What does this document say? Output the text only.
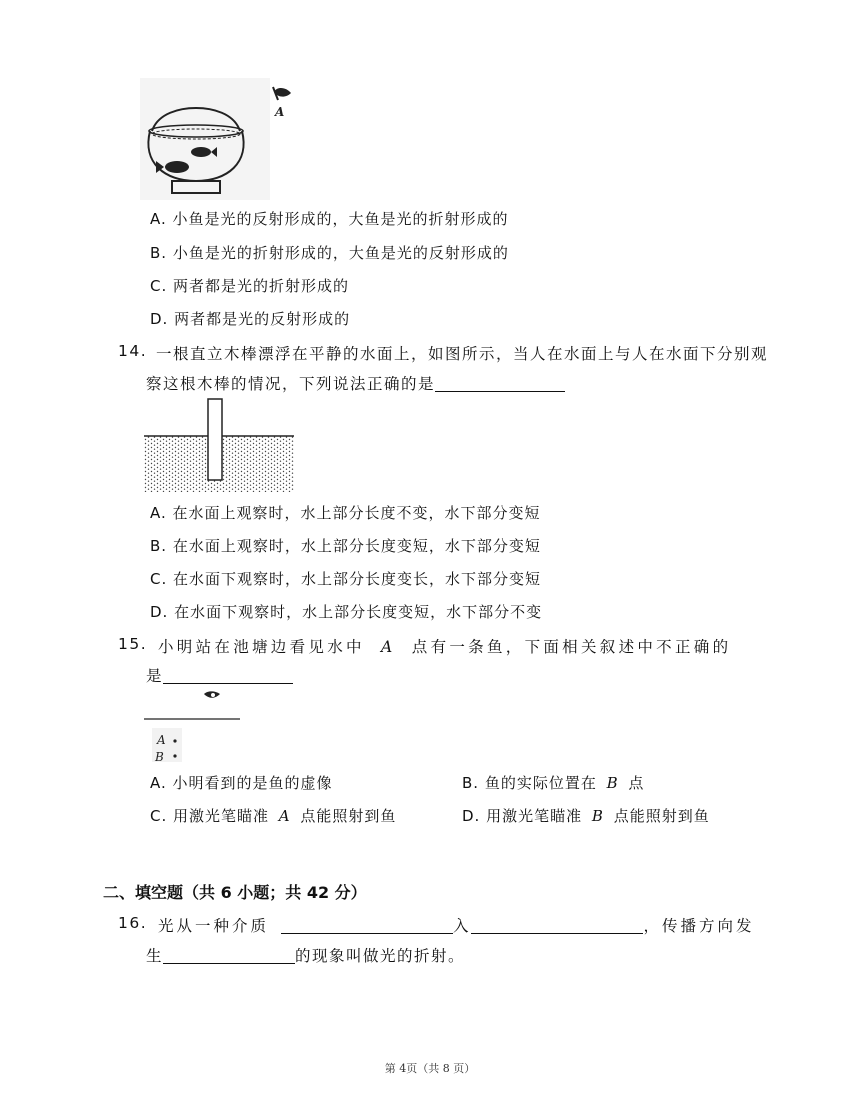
A
A. 小鱼是光的反射形成的，大鱼是光的折射形成的
B. 小鱼是光的折射形成的，大鱼是光的反射形成的
C. 两者都是光的折射形成的
D. 两者都是光的反射形成的
14. 一根直立木棒漂浮在平静的水面上，如图所示，当人在水面上与人在水面下分别观
察这根木棒的情况，下列说法正确的是
A. 在水面上观察时，水上部分长度不变，水下部分变短
B. 在水面上观察时，水上部分长度变短，水下部分变短
C. 在水面下观察时，水上部分长度变长，水下部分变短
D. 在水面下观察时，水上部分长度变短，水下部分不变
15. 小明站在池塘边看见水中 A 点有一条鱼，下面相关叙述中不正确的
是
A
B
A. 小明看到的是鱼的虚像	B. 鱼的实际位置在 B 点
C. 用激光笔瞄准 A 点能照射到鱼	D. 用激光笔瞄准 B 点能照射到鱼
二、填空题（共 6 小题；共 42 分）
16. 光从一种介质	入	，传播方向发
生	的现象叫做光的折射。
第 4页（共 8 页）
